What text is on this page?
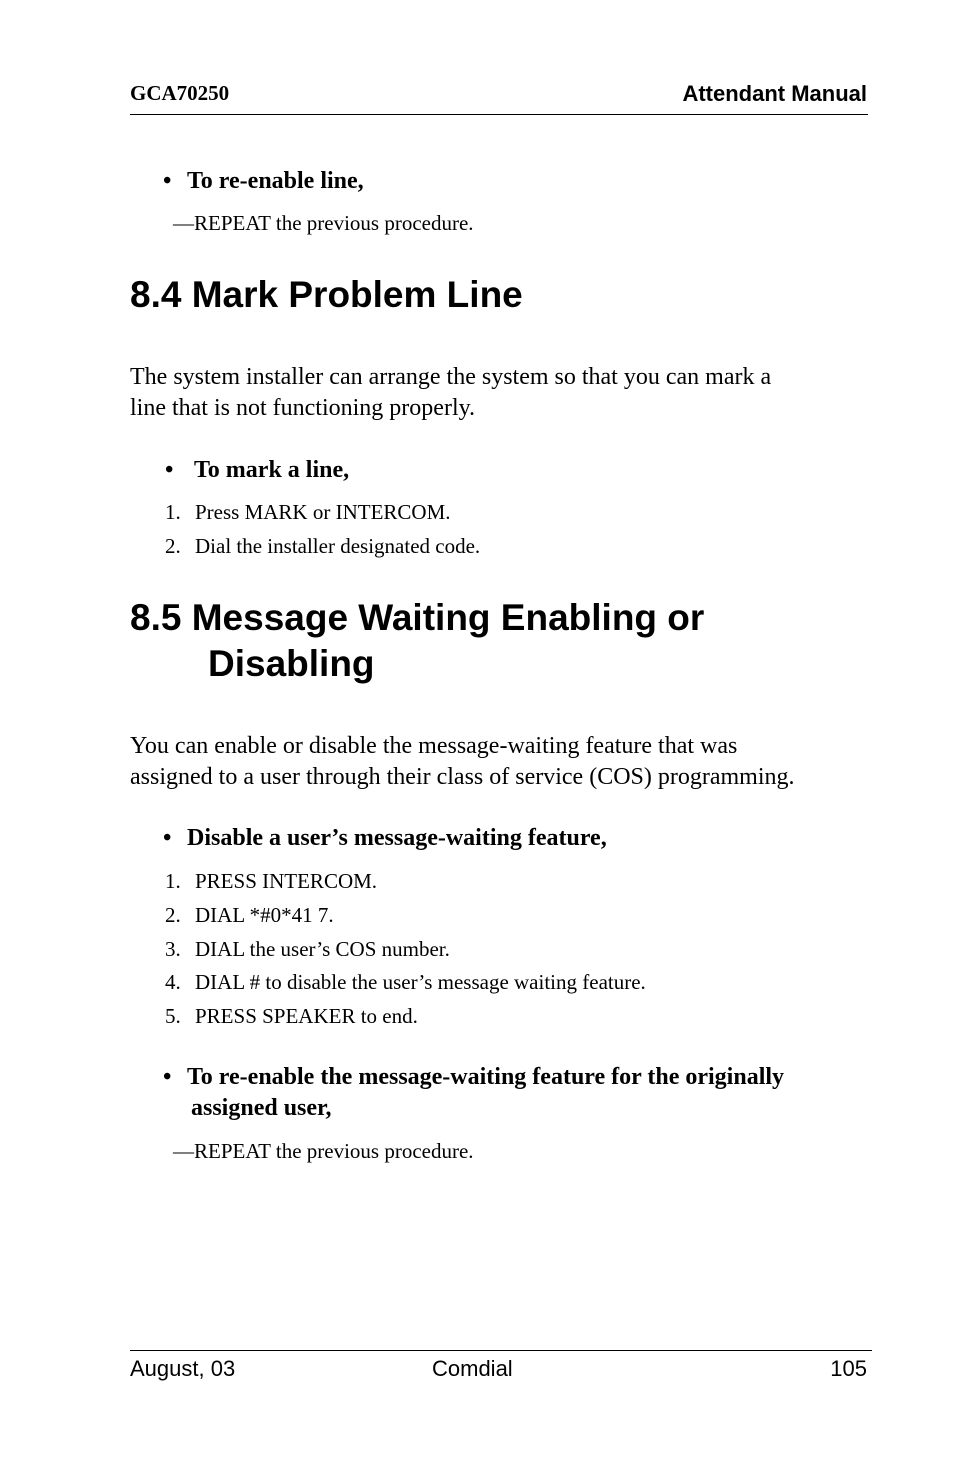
GCA70250	Attendant Manual
• To re-enable line,
—REPEAT the previous procedure.
8.4 Mark Problem Line
The system installer can arrange the system so that you can mark a
line that is not functioning properly.
• To mark a line,
1. Press MARK or INTERCOM.
2. Dial the installer designated code.
8.5 Message Waiting Enabling or
Disabling
You can enable or disable the message-waiting feature that was
assigned to a user through their class of service (COS) programming.
• Disable a user’s message-waiting feature,
1. PRESS INTERCOM.
2. DIAL *#0*41 7.
3. DIAL the user’s COS number.
4. DIAL # to disable the user’s message waiting feature.
5. PRESS SPEAKER to end.
• To re-enable the message-waiting feature for the originally
assigned user,
—REPEAT the previous procedure.
August, 03	Comdial	105
